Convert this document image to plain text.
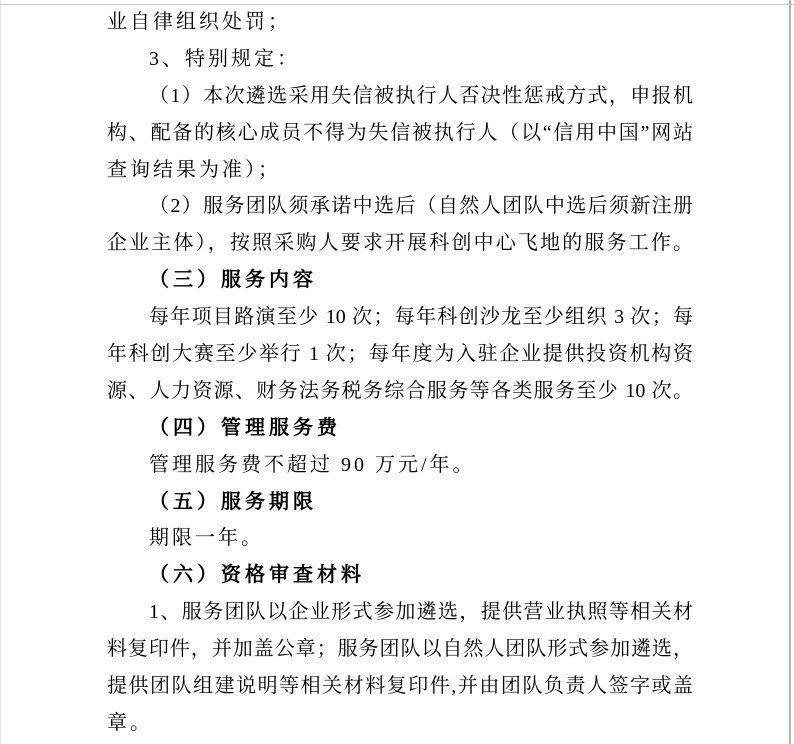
业自律组织处罚；
3、特别规定：
（1）本次遴选采用失信被执行人否决性惩戒方式，申报机
构、配备的核心成员不得为失信被执行人（以“信用中国”网站
查询结果为准）；
（2）服务团队须承诺中选后（自然人团队中选后须新注册
企业主体），按照采购人要求开展科创中心飞地的服务工作。
（三）服务内容
每年项目路演至少 10 次；每年科创沙龙至少组织 3 次；每
年科创大赛至少举行 1 次；每年度为入驻企业提供投资机构资
源、人力资源、财务法务税务综合服务等各类服务至少 10 次。
（四）管理服务费
管理服务费不超过 90 万元/年。
（五）服务期限
期限一年。
（六）资格审查材料
1、服务团队以企业形式参加遴选，提供营业执照等相关材
料复印件，并加盖公章；服务团队以自然人团队形式参加遴选，
提供团队组建说明等相关材料复印件,并由团队负责人签字或盖
章。
